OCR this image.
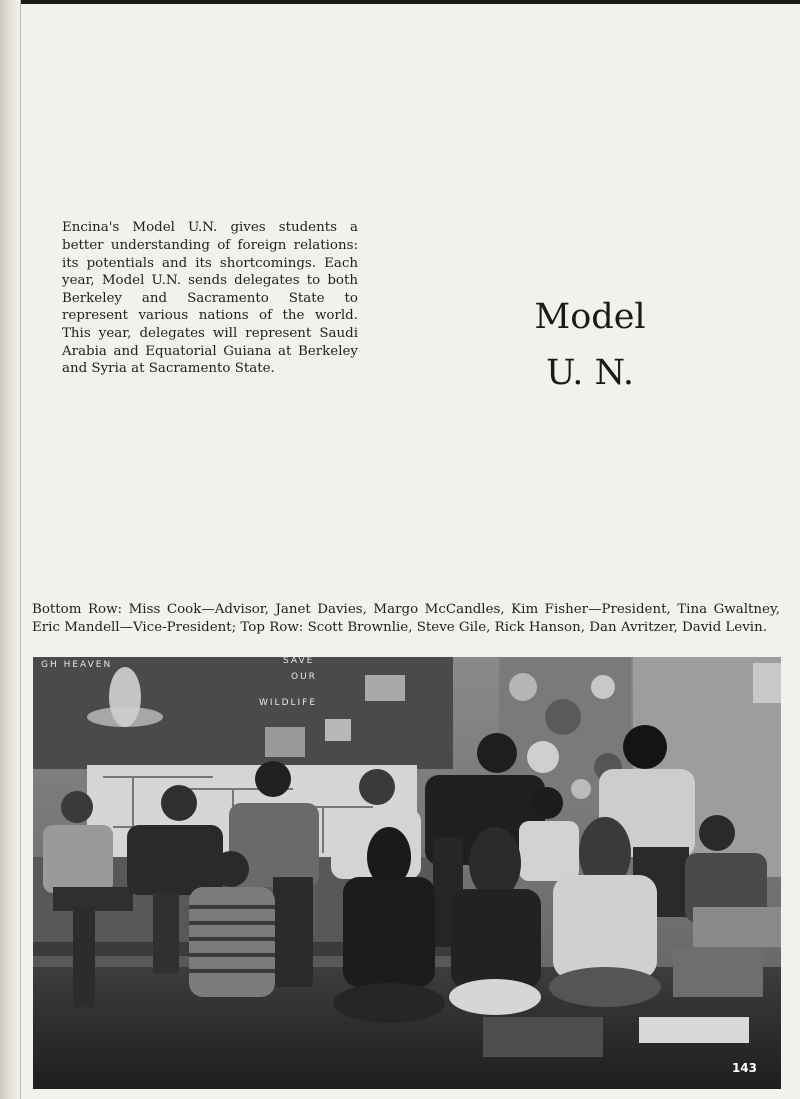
Encina's Model U.N. gives students a better understanding of foreign relations: its potentials and its shortcomings. Each year, Model U.N. sends delegates to both Berkeley and Sacramento State to represent various nations of the world. This year, delegates will represent Saudi Arabia and Equatorial Guiana at Berkeley and Syria at Sacramento State.

Model
U. N.

Bottom Row: Miss Cook—Advisor, Janet Davies, Margo McCandles, Kim Fisher—President, Tina Gwaltney, Eric Mandell—Vice-President; Top Row: Scott Brownlie, Steve Gile, Rick Hanson, Dan Avritzer, David Levin.

GH HEAVEN	SAVE
OUR
WILDLIFE
143
